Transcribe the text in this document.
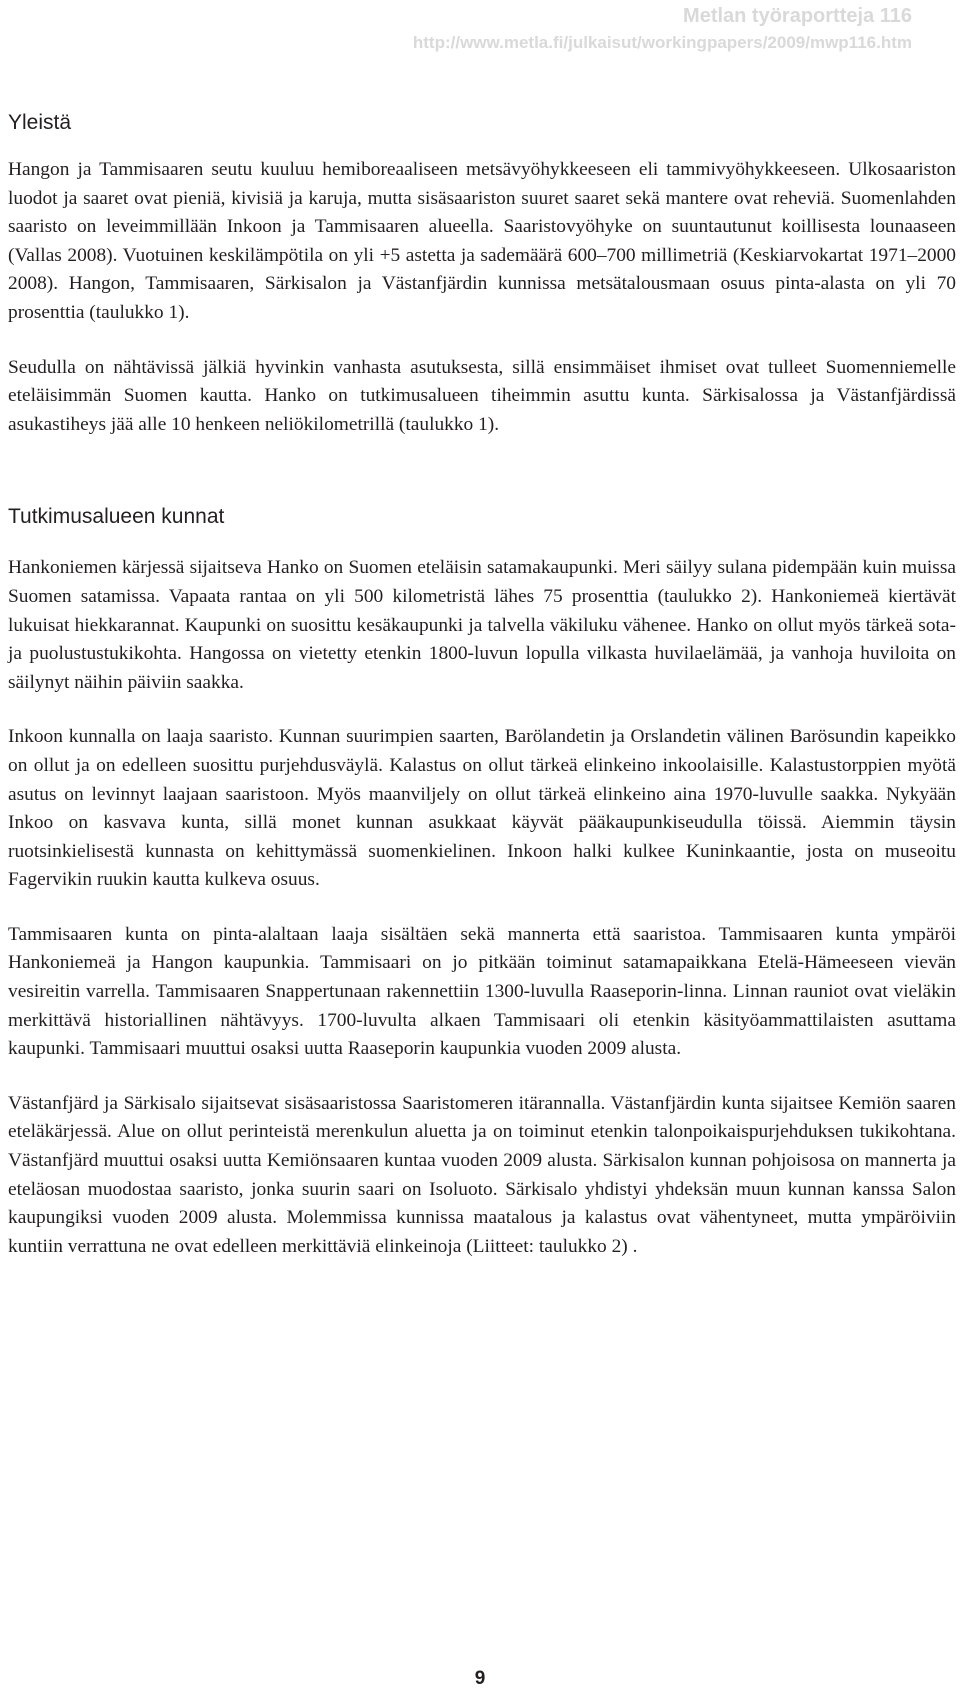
Metlan työraportteja 116
http://www.metla.fi/julkaisut/workingpapers/2009/mwp116.htm
Yleistä

Hangon ja Tammisaaren seutu kuuluu hemiboreaaliseen metsävyöhykkeeseen eli tammivyöhykkeeseen. Ulkosaariston luodot ja saaret ovat pieniä, kivisiä ja karuja, mutta sisäsaariston suuret saaret sekä mantere ovat reheviä. Suomenlahden saaristo on leveimmillään Inkoon ja Tammisaaren alueella. Saaristovyöhyke on suuntautunut koillisesta lounaaseen (Vallas 2008). Vuotuinen keskilämpötila on yli +5 astetta ja sademäärä 600–700 millimetriä (Keskiarvokartat 1971–2000 2008). Hangon, Tammisaaren, Särkisalon ja Västanfjärdin kunnissa metsätalousmaan osuus pinta-alasta on yli 70 prosenttia (taulukko 1).

Seudulla on nähtävissä jälkiä hyvinkin vanhasta asutuksesta, sillä ensimmäiset ihmiset ovat tulleet Suomenniemelle eteläisimmän Suomen kautta. Hanko on tutkimusalueen tiheimmin asuttu kunta. Särkisalossa ja Västanfjärdissä asukastiheys jää alle 10 henkeen neliökilometrillä (taulukko 1).

Tutkimusalueen kunnat

Hankoniemen kärjessä sijaitseva Hanko on Suomen eteläisin satamakaupunki. Meri säilyy sulana pidempään kuin muissa Suomen satamissa. Vapaata rantaa on yli 500 kilometristä lähes 75 prosenttia (taulukko 2). Hankoniemeä kiertävät lukuisat hiekkarannat. Kaupunki on suosittu kesäkaupunki ja talvella väkiluku vähenee. Hanko on ollut myös tärkeä sota- ja puolustustukikohta. Hangossa on vietetty etenkin 1800-luvun lopulla vilkasta huvilaelämää, ja vanhoja huviloita on säilynyt näihin päiviin saakka.

Inkoon kunnalla on laaja saaristo. Kunnan suurimpien saarten, Barölandetin ja Orslandetin välinen Barösundin kapeikko on ollut ja on edelleen suosittu purjehdusväylä. Kalastus on ollut tärkeä elinkeino inkoolaisille. Kalastustorppien myötä asutus on levinnyt laajaan saaristoon. Myös maanviljely on ollut tärkeä elinkeino aina 1970-luvulle saakka. Nykyään Inkoo on kasvava kunta, sillä monet kunnan asukkaat käyvät pääkaupunkiseudulla töissä. Aiemmin täysin ruotsinkielisestä kunnasta on kehittymässä suomenkielinen. Inkoon halki kulkee Kuninkaantie, josta on museoitu Fagervikin ruukin kautta kulkeva osuus.

Tammisaaren kunta on pinta-alaltaan laaja sisältäen sekä mannerta että saaristoa. Tammisaaren kunta ympäröi Hankoniemeä ja Hangon kaupunkia. Tammisaari on jo pitkään toiminut satamapaikkana Etelä-Hämeeseen vievän vesireitin varrella. Tammisaaren Snappertunaan rakennettiin 1300-luvulla Raaseporin-linna. Linnan rauniot ovat vieläkin merkittävä historiallinen nähtävyys. 1700-luvulta alkaen Tammisaari oli etenkin käsityöammattilaisten asuttama kaupunki. Tammisaari muuttui osaksi uutta Raaseporin kaupunkia vuoden 2009 alusta.

Västanfjärd ja Särkisalo sijaitsevat sisäsaaristossa Saaristomeren itärannalla. Västanfjärdin kunta sijaitsee Kemiön saaren eteläkärjessä. Alue on ollut perinteistä merenkulun aluetta ja on toiminut etenkin talonpoikaispurjehduksen tukikohtana. Västanfjärd muuttui osaksi uutta Kemiönsaaren kuntaa vuoden 2009 alusta. Särkisalon kunnan pohjoisosa on mannerta ja eteläosan muodostaa saaristo, jonka suurin saari on Isoluoto. Särkisalo yhdistyi yhdeksän muun kunnan kanssa Salon kaupungiksi vuoden 2009 alusta. Molemmissa kunnissa maatalous ja kalastus ovat vähentyneet, mutta ympäröiviin kuntiin verrattuna ne ovat edelleen merkittäviä elinkeinoja (Liitteet: taulukko 2) .

9
